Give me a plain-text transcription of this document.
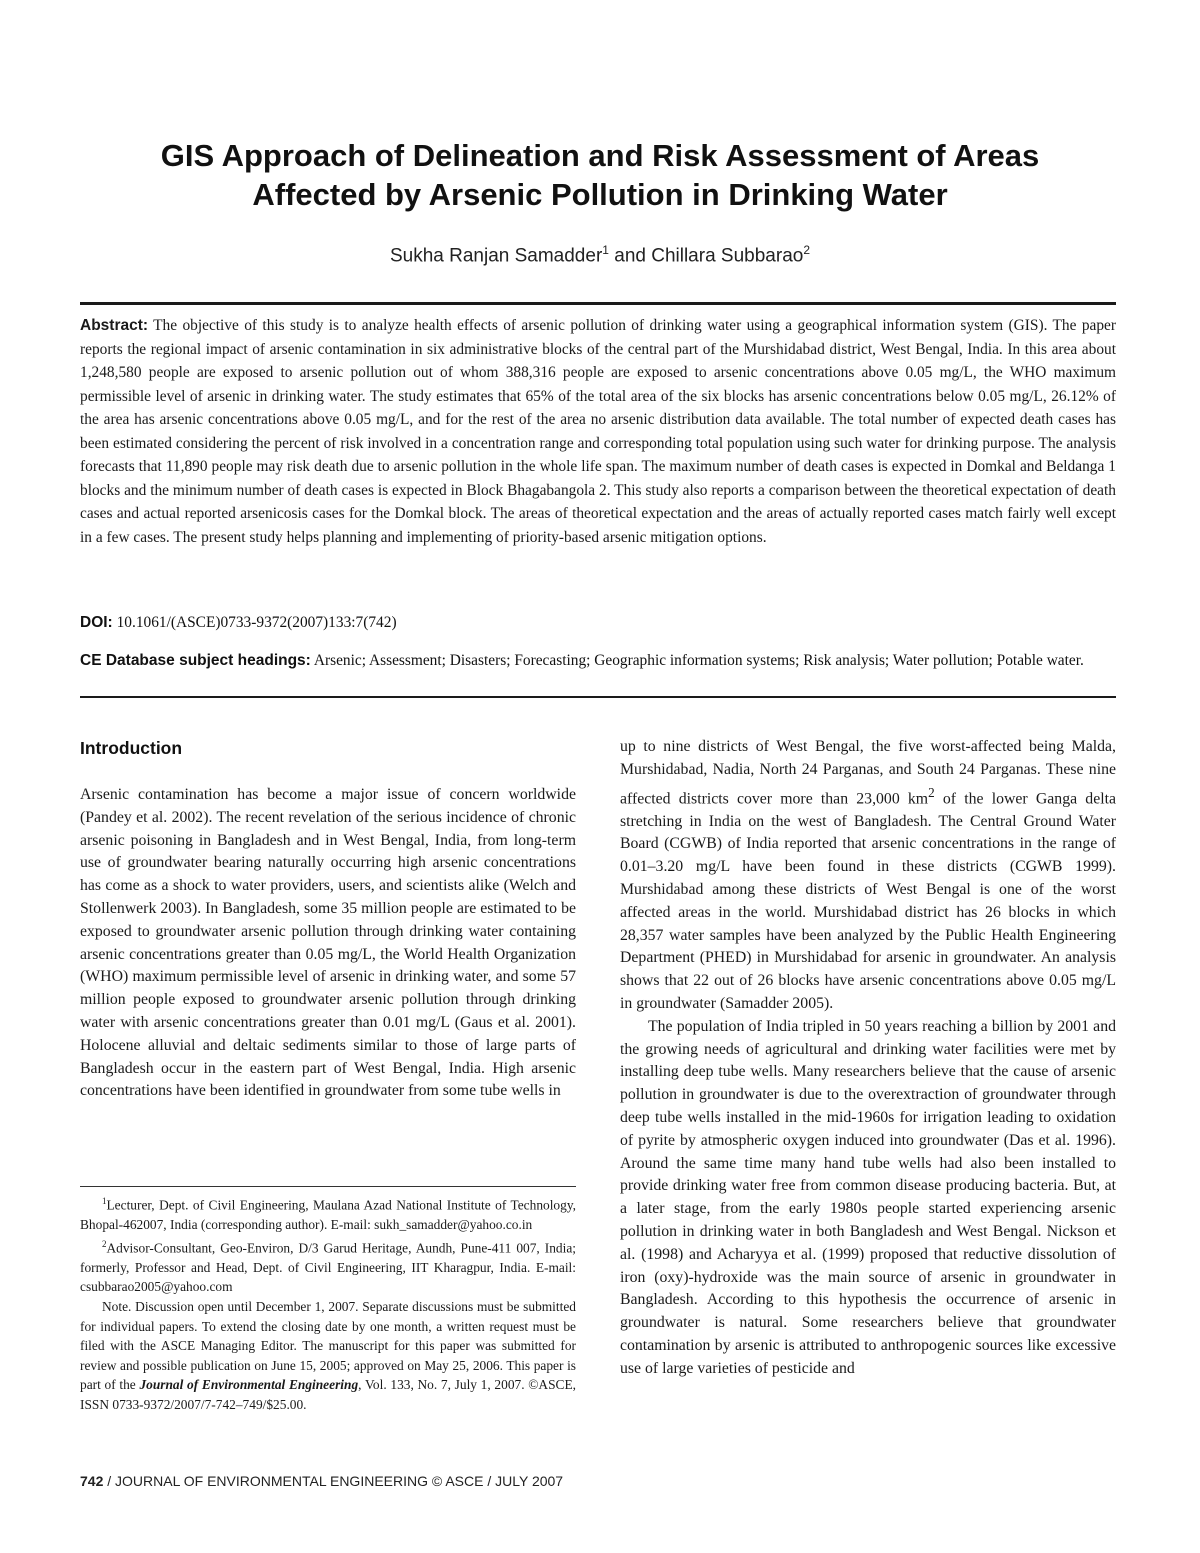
GIS Approach of Delineation and Risk Assessment of Areas
Affected by Arsenic Pollution in Drinking Water
Sukha Ranjan Samadder$^1$ and Chillara Subbarao$^2$
Abstract: The objective of this study is to analyze health effects of arsenic pollution of drinking water using a geographical information system (GIS). The paper reports the regional impact of arsenic contamination in six administrative blocks of the central part of the Murshidabad district, West Bengal, India. In this area about 1,248,580 people are exposed to arsenic pollution out of whom 388,316 people are exposed to arsenic concentrations above 0.05 mg/L, the WHO maximum permissible level of arsenic in drinking water. The study estimates that 65% of the total area of the six blocks has arsenic concentrations below 0.05 mg/L, 26.12% of the area has arsenic concentrations above 0.05 mg/L, and for the rest of the area no arsenic distribution data available. The total number of expected death cases has been estimated considering the percent of risk involved in a concentration range and corresponding total population using such water for drinking purpose. The analysis forecasts that 11,890 people may risk death due to arsenic pollution in the whole life span. The maximum number of death cases is expected in Domkal and Beldanga 1 blocks and the minimum number of death cases is expected in Block Bhagabangola 2. This study also reports a comparison between the theoretical expectation of death cases and actual reported arsenicosis cases for the Domkal block. The areas of theoretical expectation and the areas of actually reported cases match fairly well except in a few cases. The present study helps planning and implementing of priority-based arsenic mitigation options.
DOI: 10.1061/(ASCE)0733-9372(2007)133:7(742)
CE Database subject headings: Arsenic; Assessment; Disasters; Forecasting; Geographic information systems; Risk analysis; Water pollution; Potable water.
Introduction

Arsenic contamination has become a major issue of concern worldwide (Pandey et al. 2002). The recent revelation of the serious incidence of chronic arsenic poisoning in Bangladesh and in West Bengal, India, from long-term use of groundwater bearing naturally occurring high arsenic concentrations has come as a shock to water providers, users, and scientists alike (Welch and Stollenwerk 2003). In Bangladesh, some 35 million people are estimated to be exposed to groundwater arsenic pollution through drinking water containing arsenic concentrations greater than 0.05 mg/L, the World Health Organization (WHO) maximum permissible level of arsenic in drinking water, and some 57 million people exposed to groundwater arsenic pollution through drinking water with arsenic concentrations greater than 0.01 mg/L (Gaus et al. 2001). Holocene alluvial and deltaic sediments similar to those of large parts of Bangladesh occur in the eastern part of West Bengal, India. High arsenic concentrations have been identified in groundwater from some tube wells in

$^1$Lecturer, Dept. of Civil Engineering, Maulana Azad National Institute of Technology, Bhopal-462007, India (corresponding author). E-mail: sukh_samadder@yahoo.co.in

$^2$Advisor-Consultant, Geo-Environ, D/3 Garud Heritage, Aundh, Pune-411 007, India; formerly, Professor and Head, Dept. of Civil Engineering, IIT Kharagpur, India. E-mail: csubbarao2005@yahoo.com

Note. Discussion open until December 1, 2007. Separate discussions must be submitted for individual papers. To extend the closing date by one month, a written request must be filed with the ASCE Managing Editor. The manuscript for this paper was submitted for review and possible publication on June 15, 2005; approved on May 25, 2006. This paper is part of the Journal of Environmental Engineering, Vol. 133, No. 7, July 1, 2007. ©ASCE, ISSN 0733-9372/2007/7-742–749/$25.00.

up to nine districts of West Bengal, the five worst-affected being Malda, Murshidabad, Nadia, North 24 Parganas, and South 24 Parganas. These nine affected districts cover more than 23,000 $km^2$ of the lower Ganga delta stretching in India on the west of Bangladesh. The Central Ground Water Board (CGWB) of India reported that arsenic concentrations in the range of 0.01–3.20 mg/L have been found in these districts (CGWB 1999). Murshidabad among these districts of West Bengal is one of the worst affected areas in the world. Murshidabad district has 26 blocks in which 28,357 water samples have been analyzed by the Public Health Engineering Department (PHED) in Murshidabad for arsenic in groundwater. An analysis shows that 22 out of 26 blocks have arsenic concentrations above 0.05 mg/L in groundwater (Samadder 2005).

The population of India tripled in 50 years reaching a billion by 2001 and the growing needs of agricultural and drinking water facilities were met by installing deep tube wells. Many researchers believe that the cause of arsenic pollution in groundwater is due to the overextraction of groundwater through deep tube wells installed in the mid-1960s for irrigation leading to oxidation of pyrite by atmospheric oxygen induced into groundwater (Das et al. 1996). Around the same time many hand tube wells had also been installed to provide drinking water free from common disease producing bacteria. But, at a later stage, from the early 1980s people started experiencing arsenic pollution in drinking water in both Bangladesh and West Bengal. Nickson et al. (1998) and Acharyya et al. (1999) proposed that reductive dissolution of iron (oxy)-hydroxide was the main source of arsenic in groundwater in Bangladesh. According to this hypothesis the occurrence of arsenic in groundwater is natural. Some researchers believe that groundwater contamination by arsenic is attributed to anthropogenic sources like excessive use of large varieties of pesticide and

742 / JOURNAL OF ENVIRONMENTAL ENGINEERING © ASCE / JULY 2007
